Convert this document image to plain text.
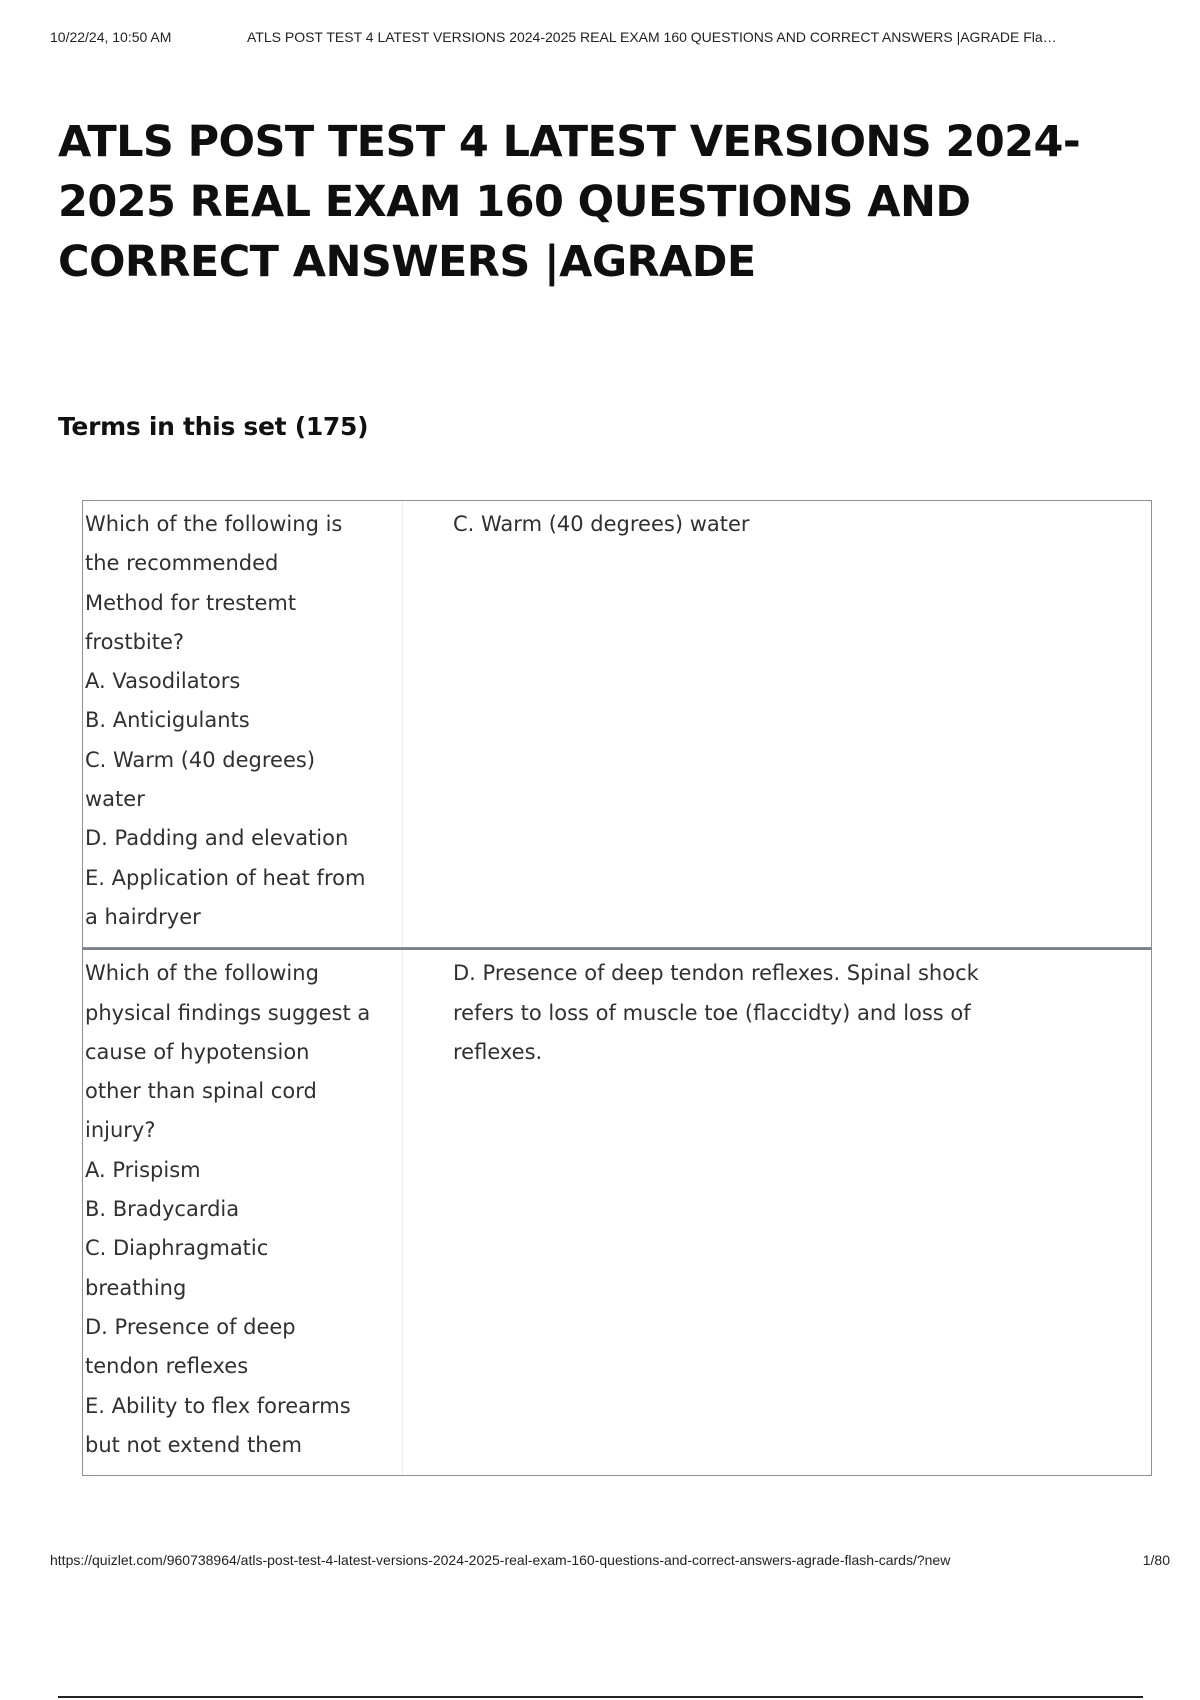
10/22/24, 10:50 AM	ATLS POST TEST 4 LATEST VERSIONS 2024-2025 REAL EXAM 160 QUESTIONS AND CORRECT ANSWERS |AGRADE Fla…
ATLS POST TEST 4 LATEST VERSIONS 2024-2025 REAL EXAM 160 QUESTIONS AND CORRECT ANSWERS |AGRADE
Terms in this set (175)
Which of the following is
the recommended
Method for trestemt
frostbite?
A. Vasodilators
B. Anticigulants
C. Warm (40 degrees)
water
D. Padding and elevation
E. Application of heat from
a hairdryer
C. Warm (40 degrees) water
Which of the following
physical findings suggest a
cause of hypotension
other than spinal cord
injury?
A. Prispism
B. Bradycardia
C. Diaphragmatic
breathing
D. Presence of deep
tendon reflexes
E. Ability to flex forearms
but not extend them
D. Presence of deep tendon reflexes. Spinal shock
refers to loss of muscle toe (flaccidty) and loss of
reflexes.
https://quizlet.com/960738964/atls-post-test-4-latest-versions-2024-2025-real-exam-160-questions-and-correct-answers-agrade-flash-cards/?new	1/80
